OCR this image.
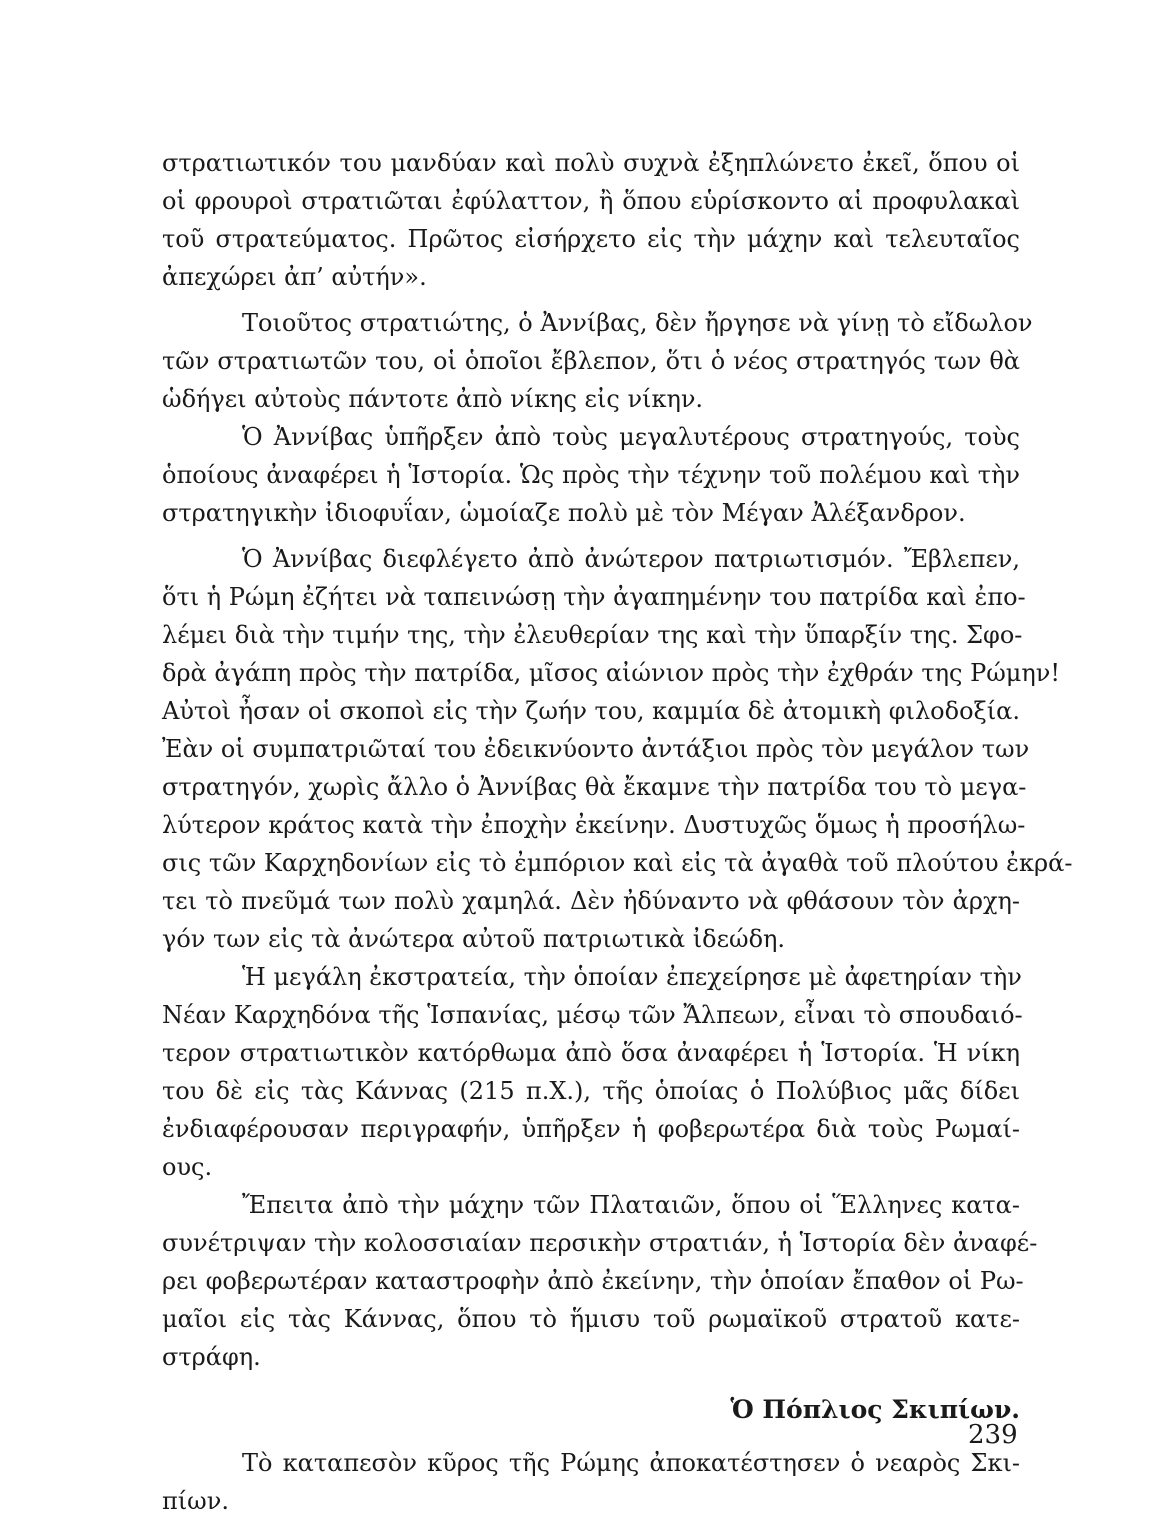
στρατιωτικόν του μανδύαν καὶ πολὺ συχνὰ ἐξηπλώνετο ἐκεῖ, ὅπου οἱ
οἱ φρουροὶ στρατιῶται ἐφύλαττον, ἢ ὅπου εὑρίσκοντο αἱ προφυλακαὶ
τοῦ στρατεύματος. Πρῶτος εἰσήρχετο εἰς τὴν μάχην καὶ τελευταῖος
ἀπεχώρει ἀπ’ αὐτήν».
Τοιοῦτος στρατιώτης, ὁ Ἀννίβας, δὲν ἤργησε νὰ γίνῃ τὸ εἴδωλον
τῶν στρατιωτῶν του, οἱ ὁποῖοι ἔβλεπον, ὅτι ὁ νέος στρατηγός των θὰ
ὡδήγει αὐτοὺς πάντοτε ἀπὸ νίκης εἰς νίκην.
Ὁ Ἀννίβας ὑπῆρξεν ἀπὸ τοὺς μεγαλυτέρους στρατηγούς, τοὺς
ὁποίους ἀναφέρει ἡ Ἱστορία. Ὡς πρὸς τὴν τέχνην τοῦ πολέμου καὶ τὴν
στρατηγικὴν ἰδιοφυΐαν, ὡμοίαζε πολὺ μὲ τὸν Μέγαν Ἀλέξανδρον.
Ὁ Ἀννίβας διεφλέγετο ἀπὸ ἀνώτερον πατριωτισμόν. Ἔβλεπεν,
ὅτι ἡ Ρώμη ἐζήτει νὰ ταπεινώσῃ τὴν ἀγαπημένην του πατρίδα καὶ ἐπο-
λέμει διὰ τὴν τιμήν της, τὴν ἐλευθερίαν της καὶ τὴν ὕπαρξίν της. Σφο-
δρὰ ἀγάπη πρὸς τὴν πατρίδα, μῖσος αἰώνιον πρὸς τὴν ἐχθράν της Ρώμην!
Αὐτοὶ ἦσαν οἱ σκοποὶ εἰς τὴν ζωήν του, καμμία δὲ ἀτομικὴ φιλοδοξία.
Ἐὰν οἱ συμπατριῶταί του ἐδεικνύοντο ἀντάξιοι πρὸς τὸν μεγάλον των
στρατηγόν, χωρὶς ἄλλο ὁ Ἀννίβας θὰ ἔκαμνε τὴν πατρίδα του τὸ μεγα-
λύτερον κράτος κατὰ τὴν ἐποχὴν ἐκείνην. Δυστυχῶς ὅμως ἡ προσήλω-
σις τῶν Καρχηδονίων εἰς τὸ ἐμπόριον καὶ εἰς τὰ ἀγαθὰ τοῦ πλούτου ἐκρά-
τει τὸ πνεῦμά των πολὺ χαμηλά. Δὲν ἠδύναντο νὰ φθάσουν τὸν ἀρχη-
γόν των εἰς τὰ ἀνώτερα αὐτοῦ πατριωτικὰ ἰδεώδη.
Ἡ μεγάλη ἐκστρατεία, τὴν ὁποίαν ἐπεχείρησε μὲ ἀφετηρίαν τὴν
Νέαν Καρχηδόνα τῆς Ἱσπανίας, μέσῳ τῶν Ἄλπεων, εἶναι τὸ σπουδαιό-
τερον στρατιωτικὸν κατόρθωμα ἀπὸ ὅσα ἀναφέρει ἡ Ἱστορία. Ἡ νίκη
του δὲ εἰς τὰς Κάννας (215 π.Χ.), τῆς ὁποίας ὁ Πολύβιος μᾶς δίδει
ἐνδιαφέρουσαν περιγραφήν, ὑπῆρξεν ἡ φοβερωτέρα διὰ τοὺς Ρωμαί-
ους.
Ἔπειτα ἀπὸ τὴν μάχην τῶν Πλαταιῶν, ὅπου οἱ Ἕλληνες κατα-
συνέτριψαν τὴν κολοσσιαίαν περσικὴν στρατιάν, ἡ Ἱστορία δὲν ἀναφέ-
ρει φοβερωτέραν καταστροφὴν ἀπὸ ἐκείνην, τὴν ὁποίαν ἔπαθον οἱ Ρω-
μαῖοι εἰς τὰς Κάννας, ὅπου τὸ ἥμισυ τοῦ ρωμαϊκοῦ στρατοῦ κατε-
στράφη.
Ὁ Πόπλιος Σκιπίων.
Τὸ καταπεσὸν κῦρος τῆς Ρώμης ἀποκατέστησεν ὁ νεαρὸς Σκι-
πίων.
239
